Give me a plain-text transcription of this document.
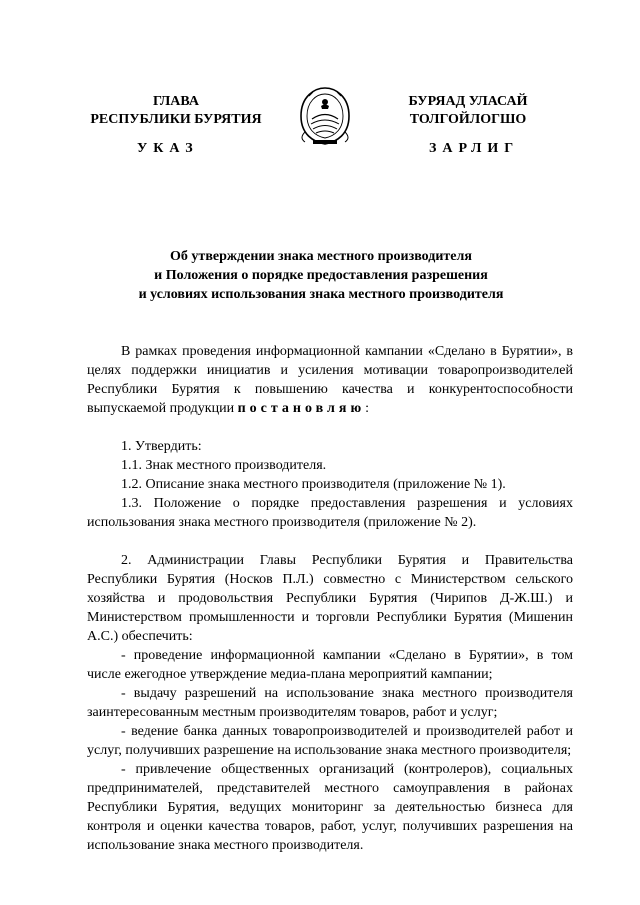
ГЛАВА
РЕСПУБЛИКИ БУРЯТИЯ
БУРЯАД УЛАСАЙ
ТОЛГОЙЛОГШО
УКАЗ	ЗАРЛИГ
Об утверждении знака местного производителя
и Положения о порядке предоставления разрешения
и условиях использования знака местного производителя

В рамках проведения информационной кампании «Сделано в Бурятии», в целях поддержки инициатив и усиления мотивации товаропроизводителей Республики Бурятия к повышению качества и конкурентоспособности выпускаемой продукции постановляю:

1. Утвердить:

1.1. Знак местного производителя.

1.2. Описание знака местного производителя (приложение № 1).

1.3. Положение о порядке предоставления разрешения и условиях использования знака местного производителя (приложение № 2).

2. Администрации Главы Республики Бурятия и Правительства Республики Бурятия (Носков П.Л.) совместно с Министерством сельского хозяйства и продовольствия Республики Бурятия (Чирипов Д-Ж.Ш.) и Министерством промышленности и торговли Республики Бурятия (Мишенин А.С.) обеспечить:

- проведение информационной кампании «Сделано в Бурятии», в том числе ежегодное утверждение медиа-плана мероприятий кампании;

- выдачу разрешений на использование знака местного производителя заинтересованным местным производителям товаров, работ и услуг;

- ведение банка данных товаропроизводителей и производителей работ и услуг, получивших разрешение на использование знака местного производителя;

- привлечение общественных организаций (контролеров), социальных предпринимателей, представителей местного самоуправления в районах Республики Бурятия, ведущих мониторинг за деятельностью бизнеса для контроля и оценки качества товаров, работ, услуг, получивших разрешения на использование знака местного производителя.
